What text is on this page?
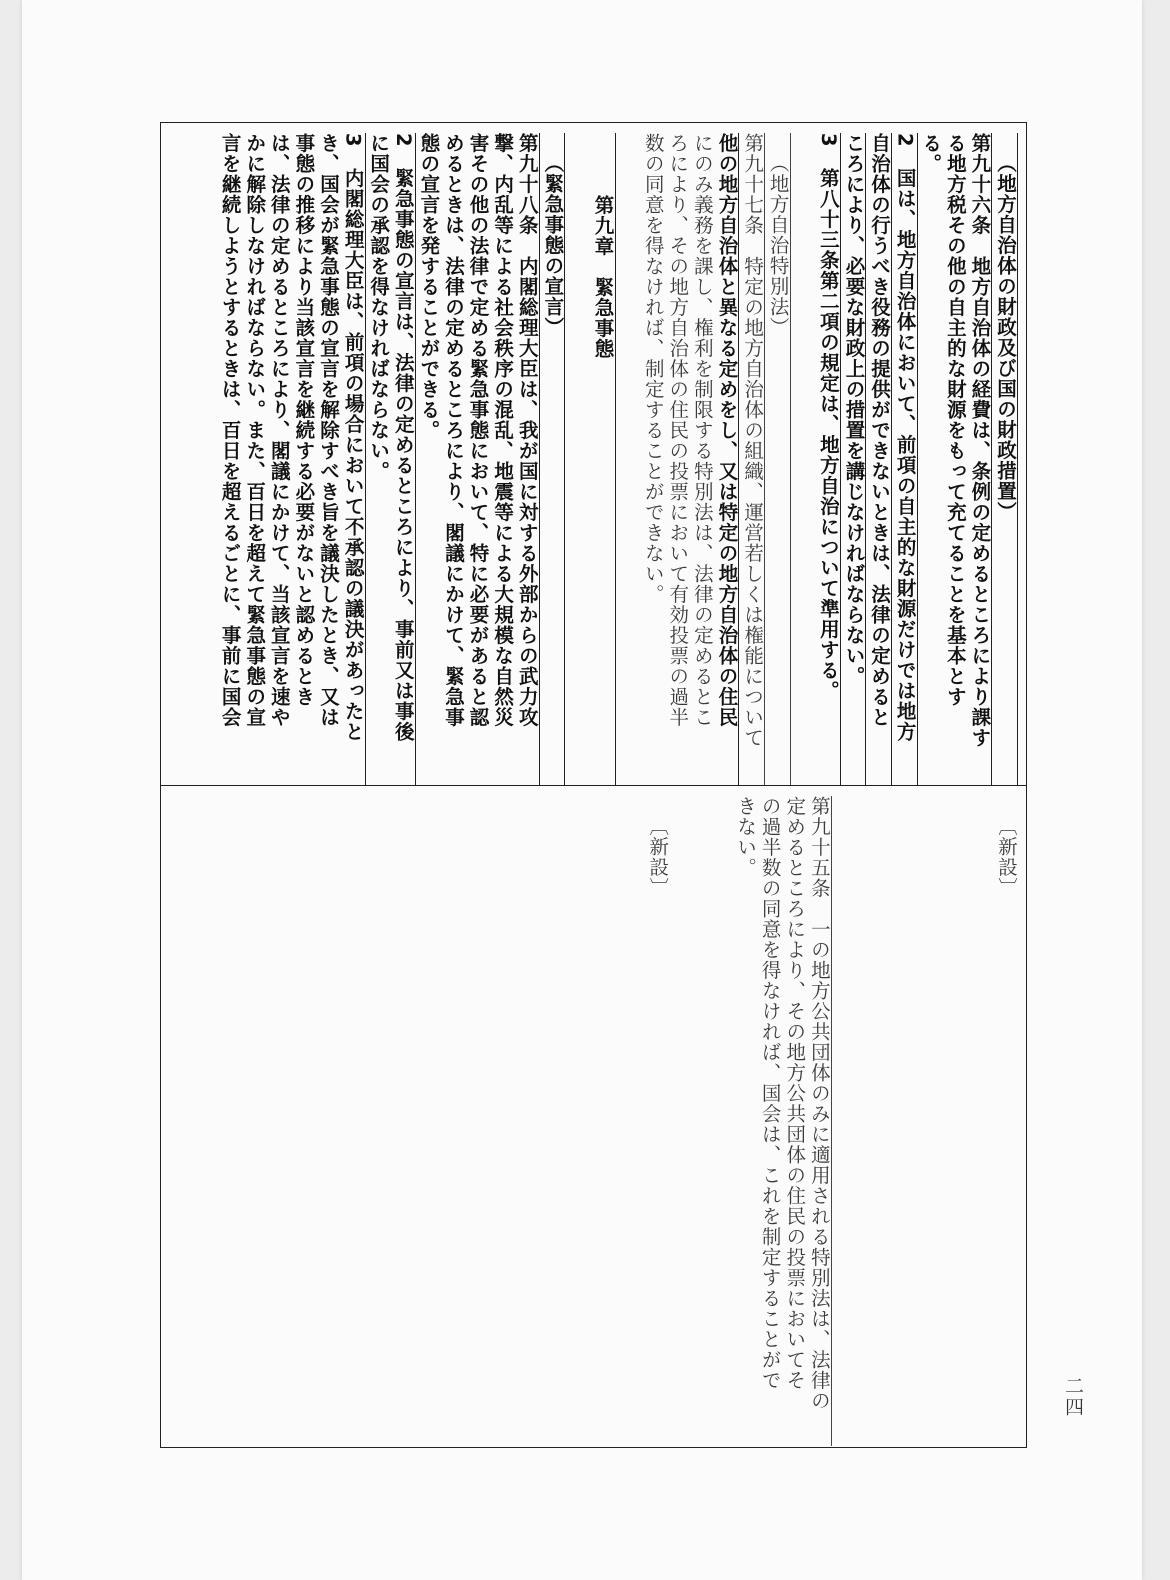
（地方自治体の財政及び国の財政措置）
第九十六条　地方自治体の経費は、条例の定めるところにより課す
る地方税その他の自主的な財源をもって充てることを基本とす
る。
2　国は、地方自治体において、前項の自主的な財源だけでは地方
自治体の行うべき役務の提供ができないときは、法律の定めると
ころにより、必要な財政上の措置を講じなければならない。
3　第八十三条第二項の規定は、地方自治について準用する。
（地方自治特別法）
第九十七条　特定の地方自治体の組織、運営若しくは権能について
他の地方自治体と異なる定めをし、又は特定の地方自治体の住民
にのみ義務を課し、権利を制限する特別法は、法律の定めるとこ
ろにより、その地方自治体の住民の投票において有効投票の過半
数の同意を得なければ、制定することができない。
第九章　緊急事態
（緊急事態の宣言）
第九十八条　内閣総理大臣は、我が国に対する外部からの武力攻
撃、内乱等による社会秩序の混乱、地震等による大規模な自然災
害その他の法律で定める緊急事態において、特に必要があると認
めるときは、法律の定めるところにより、閣議にかけて、緊急事
態の宣言を発することができる。
2　緊急事態の宣言は、法律の定めるところにより、事前又は事後
に国会の承認を得なければならない。
3　内閣総理大臣は、前項の場合において不承認の議決があったと
き、国会が緊急事態の宣言を解除すべき旨を議決したとき、又は
事態の推移により当該宣言を継続する必要がないと認めるとき
は、法律の定めるところにより、閣議にかけて、当該宣言を速や
かに解除しなければならない。また、百日を超えて緊急事態の宣
言を継続しようとするときは、百日を超えるごとに、事前に国会
〔新設〕
第九十五条　一の地方公共団体のみに適用される特別法は、法律の
定めるところにより、その地方公共団体の住民の投票においてそ
の過半数の同意を得なければ、国会は、これを制定することがで
きない。
〔新設〕
二四
